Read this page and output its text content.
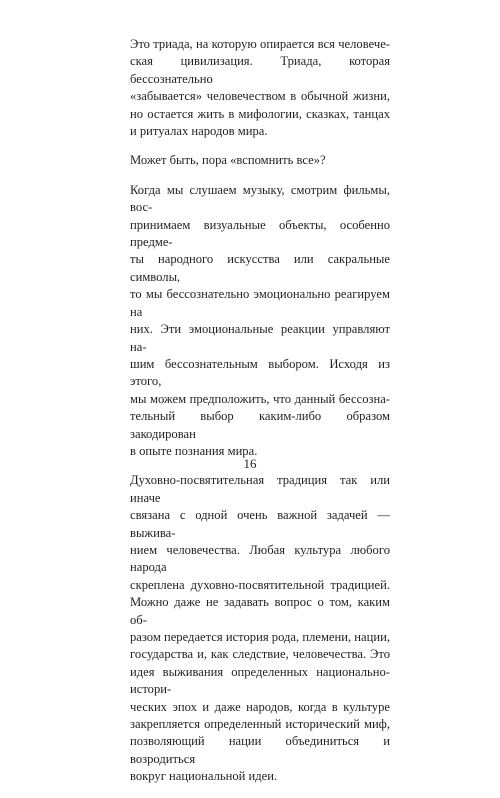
Это триада, на которую опирается вся человече-
ская цивилизация. Триада, которая бессознательно
«забывается» человечеством в обычной жизни,
но остается жить в мифологии, сказках, танцах
и ритуалах народов мира.

Может быть, пора «вспомнить все»?

Когда мы слушаем музыку, смотрим фильмы, вос-
принимаем визуальные объекты, особенно предме-
ты народного искусства или сакральные символы,
то мы бессознательно эмоционально реагируем на
них. Эти эмоциональные реакции управляют на-
шим бессознательным выбором. Исходя из этого,
мы можем предположить, что данный бессозна-
тельный выбор каким-либо образом закодирован
в опыте познания мира.

Духовно-посвятительная традиция так или иначе
связана с одной очень важной задачей — выжива-
нием человечества. Любая культура любого народа
скреплена духовно-посвятительной традицией.
Можно даже не задавать вопрос о том, каким об-
разом передается история рода, племени, нации,
государства и, как следствие, человечества. Это
идея выживания определенных национально-истори-
ческих эпох и даже народов, когда в культуре
закрепляется определенный исторический миф,
позволяющий нации объединиться и возродиться
вокруг национальной идеи.

16
